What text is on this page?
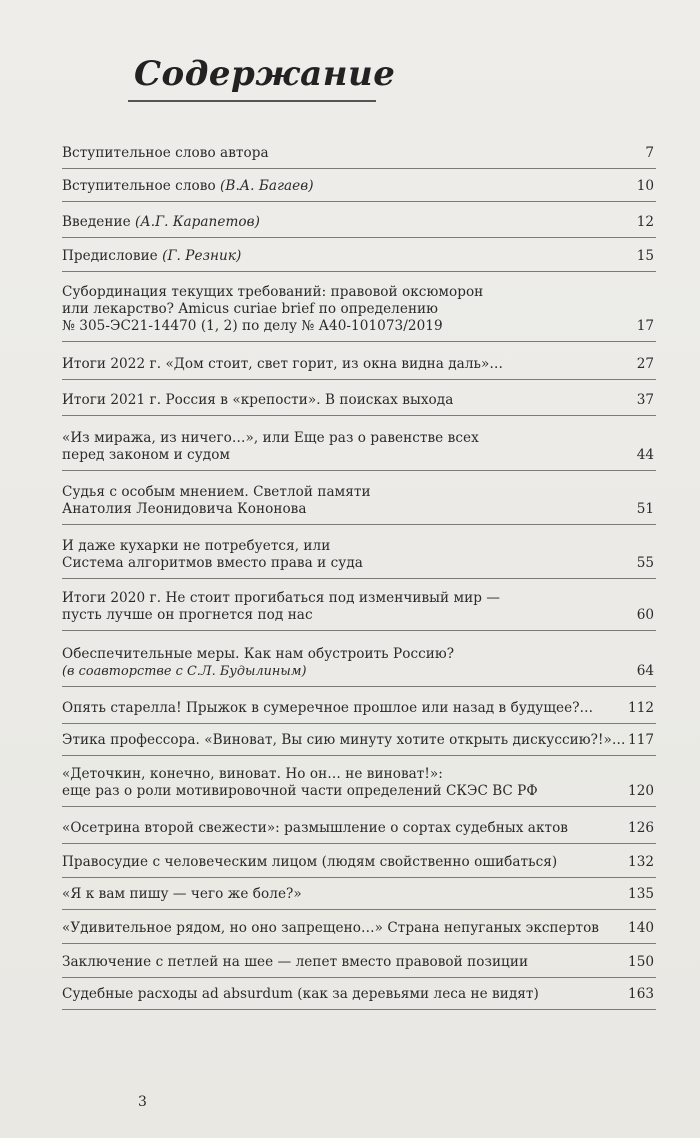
Содержание
Вступительное слово автора	7
Вступительное слово (В.А. Багаев)	10
Введение (А.Г. Карапетов)	12
Предисловие (Г. Резник)	15
Субординация текущих требований: правовой оксюморон
или лекарство? Amicus curiae brief по определению
№ 305-ЭС21-14470 (1, 2) по делу № А40-101073/2019	17
Итоги 2022 г. «Дом стоит, свет горит, из окна видна даль»…	27
Итоги 2021 г. Россия в «крепости». В поисках выхода	37
«Из миража, из ничего…», или Еще раз о равенстве всех
перед законом и судом	44
Судья с особым мнением. Светлой памяти
Анатолия Леонидовича Кононова	51
И даже кухарки не потребуется, или
Система алгоритмов вместо права и суда	55
Итоги 2020 г. Не стоит прогибаться под изменчивый мир —
пусть лучше он прогнется под нас	60
Обеспечительные меры. Как нам обустроить Россию?
(в соавторстве с С.Л. Будылиным)	64
Опять старелла! Прыжок в сумеречное прошлое или назад в будущее?…	112
Этика профессора. «Виноват, Вы сию минуту хотите открыть дискуссию?!»… 117
«Деточкин, конечно, виноват. Но он… не виноват!»:
еще раз о роли мотивировочной части определений СКЭС ВС РФ	120
«Осетрина второй свежести»: размышление о сортах судебных актов	126
Правосудие с человеческим лицом (людям свойственно ошибаться)	132
«Я к вам пишу — чего же боле?»	135
«Удивительное рядом, но оно запрещено…» Страна непуганых экспертов 140
Заключение с петлей на шее — лепет вместо правовой позиции	150
Судебные расходы ad absurdum (как за деревьями леса не видят)	163
3
